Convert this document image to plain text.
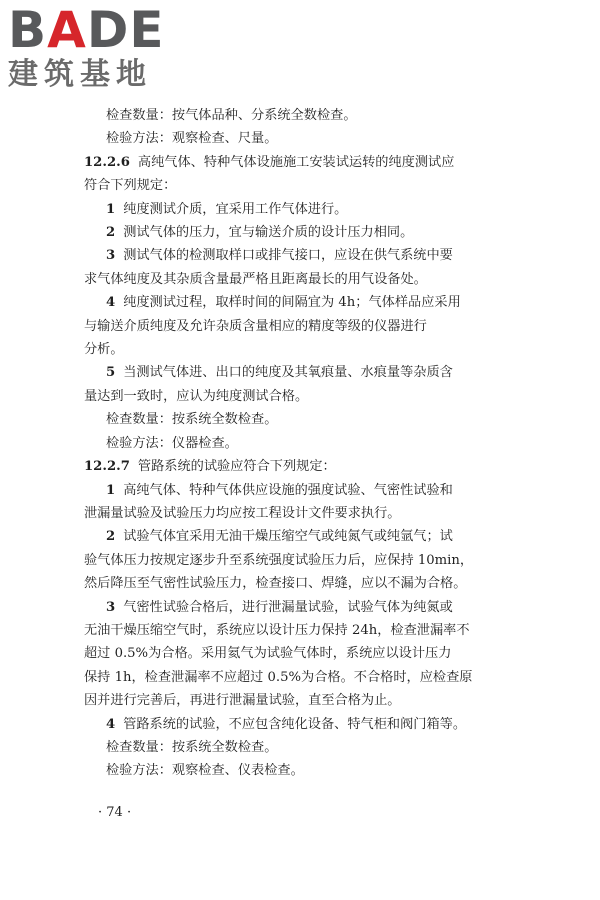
BADE
建筑基地
检查数量：按气体品种、分系统全数检查。
检验方法：观察检查、尺量。
12.2.6 高纯气体、特种气体设施施工安装试运转的纯度测试应
符合下列规定：
1 纯度测试介质，宜采用工作气体进行。
2 测试气体的压力，宜与输送介质的设计压力相同。
3 测试气体的检测取样口或排气接口，应设在供气系统中要
求气体纯度及其杂质含量最严格且距离最长的用气设备处。
4 纯度测试过程，取样时间的间隔宜为 4h；气体样品应采用
与输送介质纯度及允许杂质含量相应的精度等级的仪器进行
分析。
5 当测试气体进、出口的纯度及其氧痕量、水痕量等杂质含
量达到一致时，应认为纯度测试合格。
检查数量：按系统全数检查。
检验方法：仪器检查。
12.2.7 管路系统的试验应符合下列规定：
1 高纯气体、特种气体供应设施的强度试验、气密性试验和
泄漏量试验及试验压力均应按工程设计文件要求执行。
2 试验气体宜采用无油干燥压缩空气或纯氮气或纯氩气；试
验气体压力按规定逐步升至系统强度试验压力后，应保持 10min，
然后降压至气密性试验压力，检查接口、焊缝，应以不漏为合格。
3 气密性试验合格后，进行泄漏量试验，试验气体为纯氮或
无油干燥压缩空气时，系统应以设计压力保持 24h，检查泄漏率不
超过 0.5%为合格。采用氦气为试验气体时，系统应以设计压力
保持 1h，检查泄漏率不应超过 0.5%为合格。不合格时，应检查原
因并进行完善后，再进行泄漏量试验，直至合格为止。
4 管路系统的试验，不应包含纯化设备、特气柜和阀门箱等。
检查数量：按系统全数检查。
检验方法：观察检查、仪表检查。
· 74 ·
